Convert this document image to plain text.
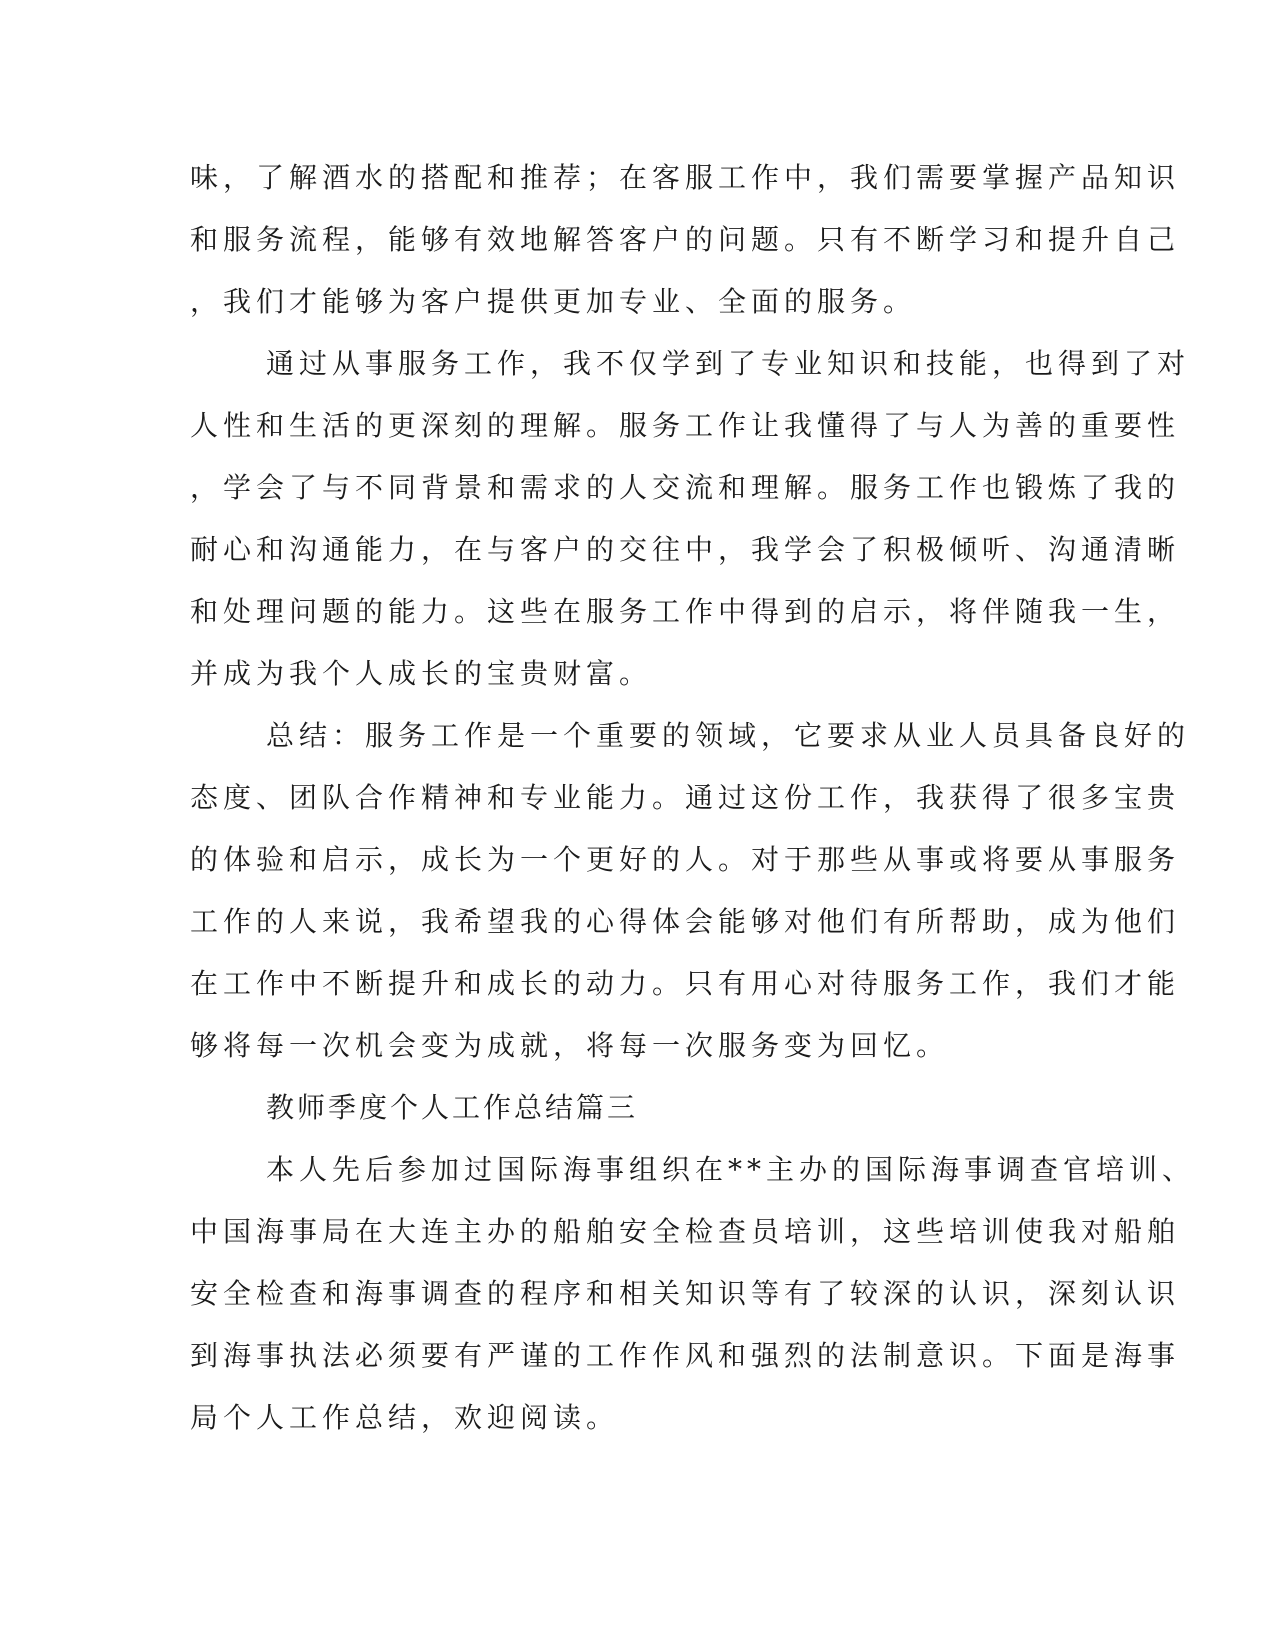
味，了解酒水的搭配和推荐；在客服工作中，我们需要掌握产品知识
和服务流程，能够有效地解答客户的问题。只有不断学习和提升自己
，我们才能够为客户提供更加专业、全面的服务。
通过从事服务工作，我不仅学到了专业知识和技能，也得到了对
人性和生活的更深刻的理解。服务工作让我懂得了与人为善的重要性
，学会了与不同背景和需求的人交流和理解。服务工作也锻炼了我的
耐心和沟通能力，在与客户的交往中，我学会了积极倾听、沟通清晰
和处理问题的能力。这些在服务工作中得到的启示，将伴随我一生，
并成为我个人成长的宝贵财富。
总结：服务工作是一个重要的领域，它要求从业人员具备良好的
态度、团队合作精神和专业能力。通过这份工作，我获得了很多宝贵
的体验和启示，成长为一个更好的人。对于那些从事或将要从事服务
工作的人来说，我希望我的心得体会能够对他们有所帮助，成为他们
在工作中不断提升和成长的动力。只有用心对待服务工作，我们才能
够将每一次机会变为成就，将每一次服务变为回忆。
教师季度个人工作总结篇三
本人先后参加过国际海事组织在**主办的国际海事调查官培训、
中国海事局在大连主办的船舶安全检查员培训，这些培训使我对船舶
安全检查和海事调查的程序和相关知识等有了较深的认识，深刻认识
到海事执法必须要有严谨的工作作风和强烈的法制意识。下面是海事
局个人工作总结，欢迎阅读。
